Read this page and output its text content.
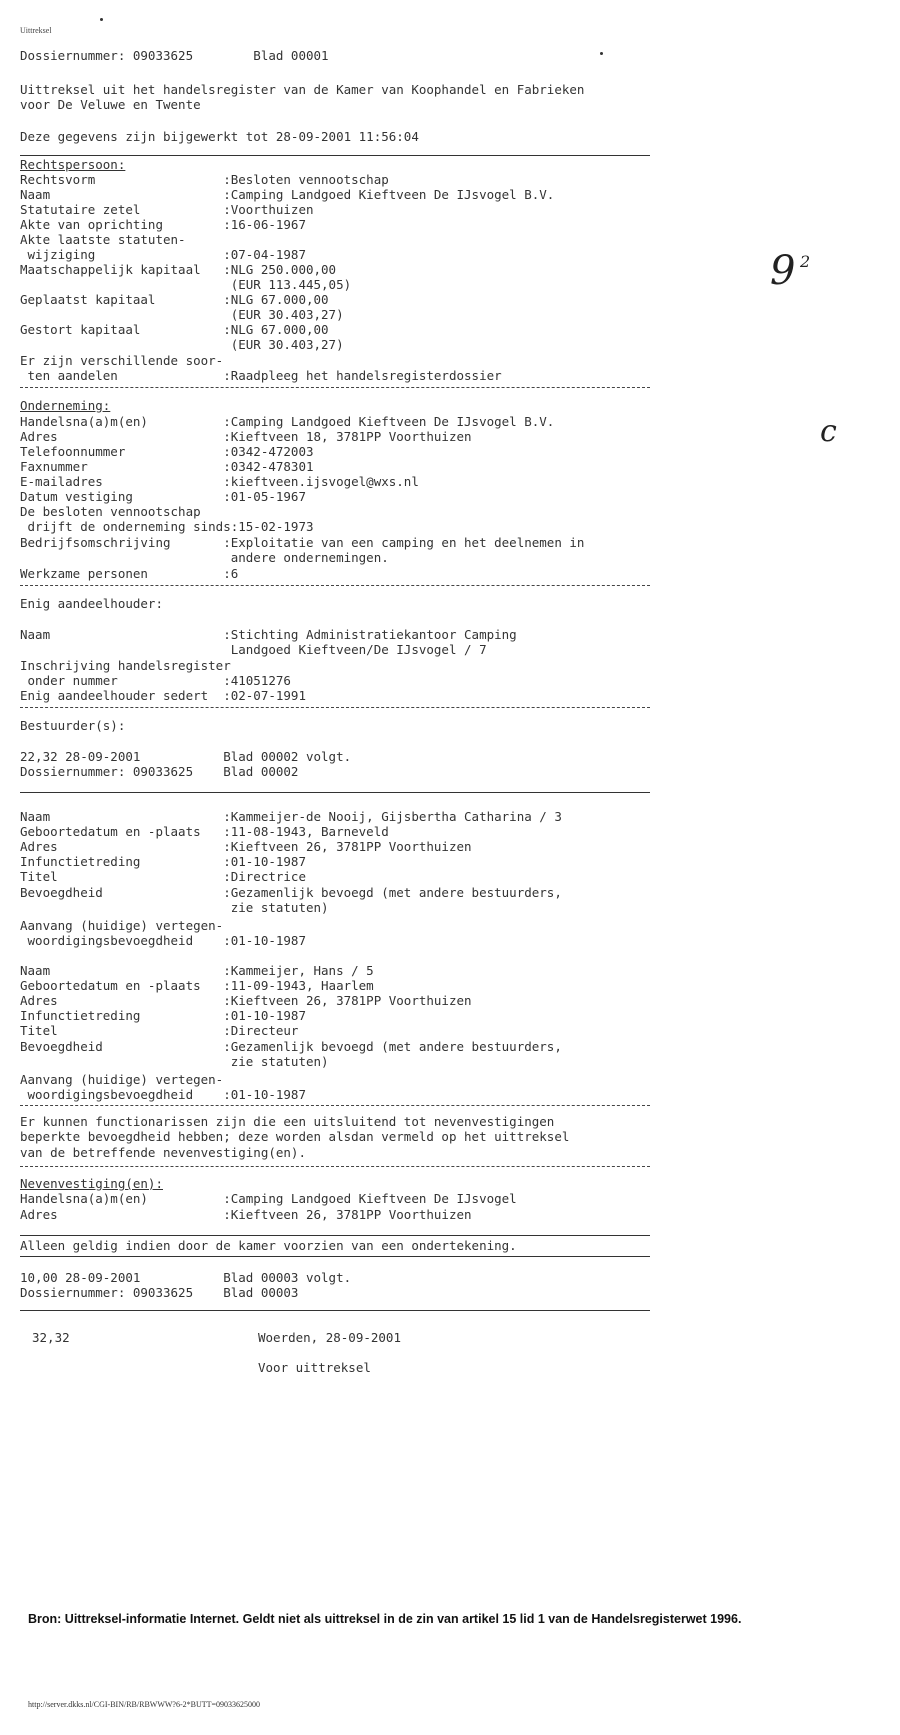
Uittreksel
Dossiernummer: 09033625        Blad 00001
Uittreksel uit het handelsregister van de Kamer van Koophandel en Fabrieken
voor De Veluwe en Twente
Deze gegevens zijn bijgewerkt tot 28-09-2001 11:56:04
Rechtspersoon:
Rechtsvorm                 :Besloten vennootschap
Naam                       :Camping Landgoed Kieftveen De IJsvogel B.V.
Statutaire zetel           :Voorthuizen
Akte van oprichting        :16-06-1967
Akte laatste statuten-
wijziging                 :07-04-1987
Maatschappelijk kapitaal   :NLG 250.000,00
(EUR 113.445,05)
Geplaatst kapitaal         :NLG 67.000,00
(EUR 30.403,27)
Gestort kapitaal           :NLG 67.000,00
(EUR 30.403,27)
Er zijn verschillende soor-
ten aandelen              :Raadpleeg het handelsregisterdossier
Onderneming:
Handelsna(a)m(en)          :Camping Landgoed Kieftveen De IJsvogel B.V.
Adres                      :Kieftveen 18, 3781PP Voorthuizen
Telefoonnummer             :0342-472003
Faxnummer                  :0342-478301
E-mailadres                :kieftveen.ijsvogel@wxs.nl
Datum vestiging            :01-05-1967
De besloten vennootschap
drijft de onderneming sinds:15-02-1973
Bedrijfsomschrijving       :Exploitatie van een camping en het deelnemen in
andere ondernemingen.
Werkzame personen          :6
Enig aandeelhouder:
Naam                       :Stichting Administratiekantoor Camping
Landgoed Kieftveen/De IJsvogel / 7
Inschrijving handelsregister
onder nummer              :41051276
Enig aandeelhouder sedert  :02-07-1991
Bestuurder(s):
22,32 28-09-2001           Blad 00002 volgt.
Dossiernummer: 09033625    Blad 00002
Naam                       :Kammeijer-de Nooij, Gijsbertha Catharina / 3
Geboortedatum en -plaats   :11-08-1943, Barneveld
Adres                      :Kieftveen 26, 3781PP Voorthuizen
Infunctietreding           :01-10-1987
Titel                      :Directrice
Bevoegdheid                :Gezamenlijk bevoegd (met andere bestuurders,
zie statuten)
Aanvang (huidige) vertegen-
woordigingsbevoegdheid    :01-10-1987
Naam                       :Kammeijer, Hans / 5
Geboortedatum en -plaats   :11-09-1943, Haarlem
Adres                      :Kieftveen 26, 3781PP Voorthuizen
Infunctietreding           :01-10-1987
Titel                      :Directeur
Bevoegdheid                :Gezamenlijk bevoegd (met andere bestuurders,
zie statuten)
Aanvang (huidige) vertegen-
woordigingsbevoegdheid    :01-10-1987
Er kunnen functionarissen zijn die een uitsluitend tot nevenvestigingen
beperkte bevoegdheid hebben; deze worden alsdan vermeld op het uittreksel
van de betreffende nevenvestiging(en).
Nevenvestiging(en):
Handelsna(a)m(en)          :Camping Landgoed Kieftveen De IJsvogel
Adres                      :Kieftveen 26, 3781PP Voorthuizen
Alleen geldig indien door de kamer voorzien van een ondertekening.
10,00 28-09-2001           Blad 00003 volgt.
Dossiernummer: 09033625    Blad 00003
32,32	Woerden, 28-09-2001
Voor uittreksel
9 2
c
Bron: Uittreksel-informatie Internet. Geldt niet als uittreksel in de zin van artikel 15 lid 1 van de Handelsregisterwet 1996.
http://server.dkks.nl/CGI-BIN/RB/RBWWW?6-2*BUTT=09033625000
